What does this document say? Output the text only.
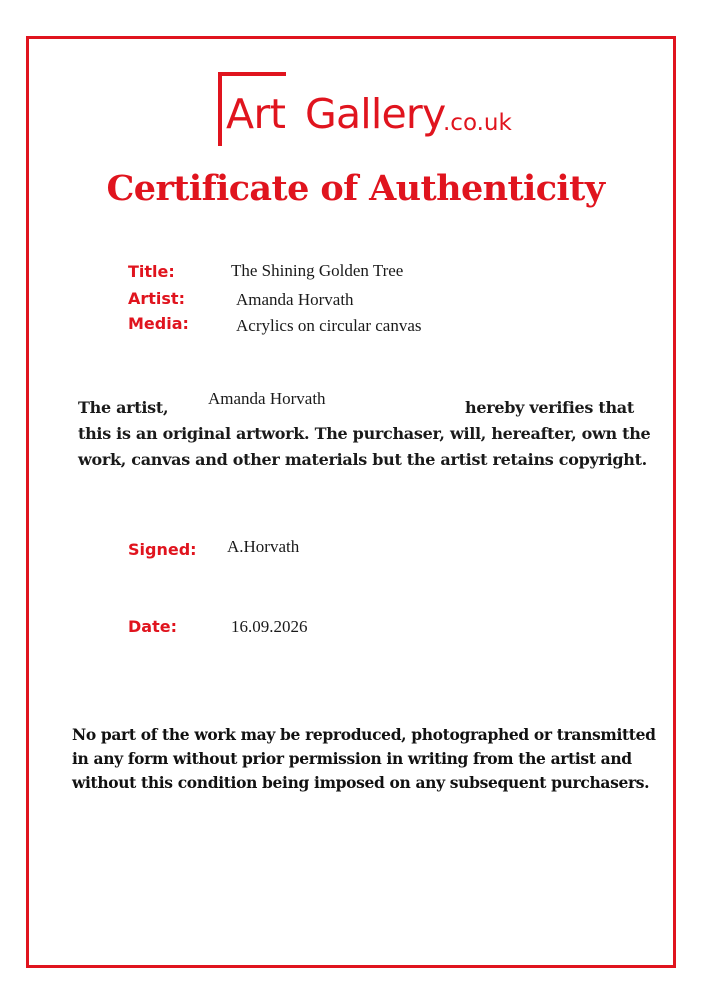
Art Gallery
.co.uk
Certificate of Authenticity
Title:	The Shining Golden Tree
Artist:	Amanda Horvath
Media:	Acrylics on circular canvas
Amanda Horvath
The artist,	hereby verifies that
this is an original artwork. The purchaser, will, hereafter, own the
work, canvas and other materials but the artist retains copyright.
Signed: A.Horvath
Date:	16.09.2026
No part of the work may be reproduced, photographed or transmitted
in any form without prior permission in writing from the artist and
without this condition being imposed on any subsequent purchasers.
